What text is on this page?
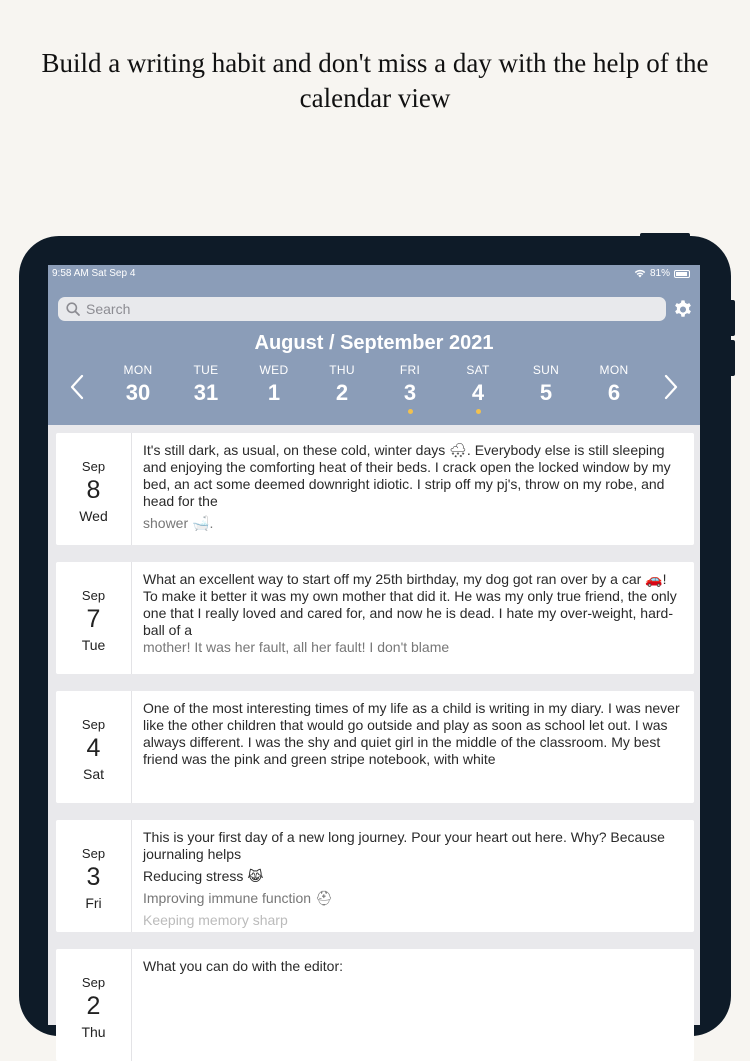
Build a writing habit and don't miss a day with the help of the calendar view
9:58 AM Sat Sep 4	81%
Search
August / September 2021
MON
30
TUE
31
WED
1
THU
2
FRI
3
SAT
4
SUN
5
MON
6
Sep
8
Wed

It's still dark, as usual, on these cold, winter days 🌨. Everybody else is still sleeping and enjoying the comforting heat of their beds. I crack open the locked window by my bed, an act some deemed downright idiotic. I strip off my pj's, throw on my robe, and head for the

shower 🛁.

Sep
7
Tue

What an excellent way to start off my 25th birthday, my dog got ran over by a car 🚗! To make it better it was my own mother that did it. He was my only true friend, the only one that I really loved and cared for, and now he is dead. I hate my over-weight, hard-ball of a

mother! It was her fault, all her fault! I don't blame

Sep
4
Sat

One of the most interesting times of my life as a child is writing in my diary. I was never like the other children that would go outside and play as soon as school let out. I was always different. I was the shy and quiet girl in the middle of the classroom. My best friend was the pink and green stripe notebook, with white

Sep
3
Fri

This is your first day of a new long journey. Pour your heart out here. Why? Because journaling helps

Reducing stress 😹

Improving immune function ⛑

Keeping memory sharp

Sep
2
Thu

What you can do with the editor:
